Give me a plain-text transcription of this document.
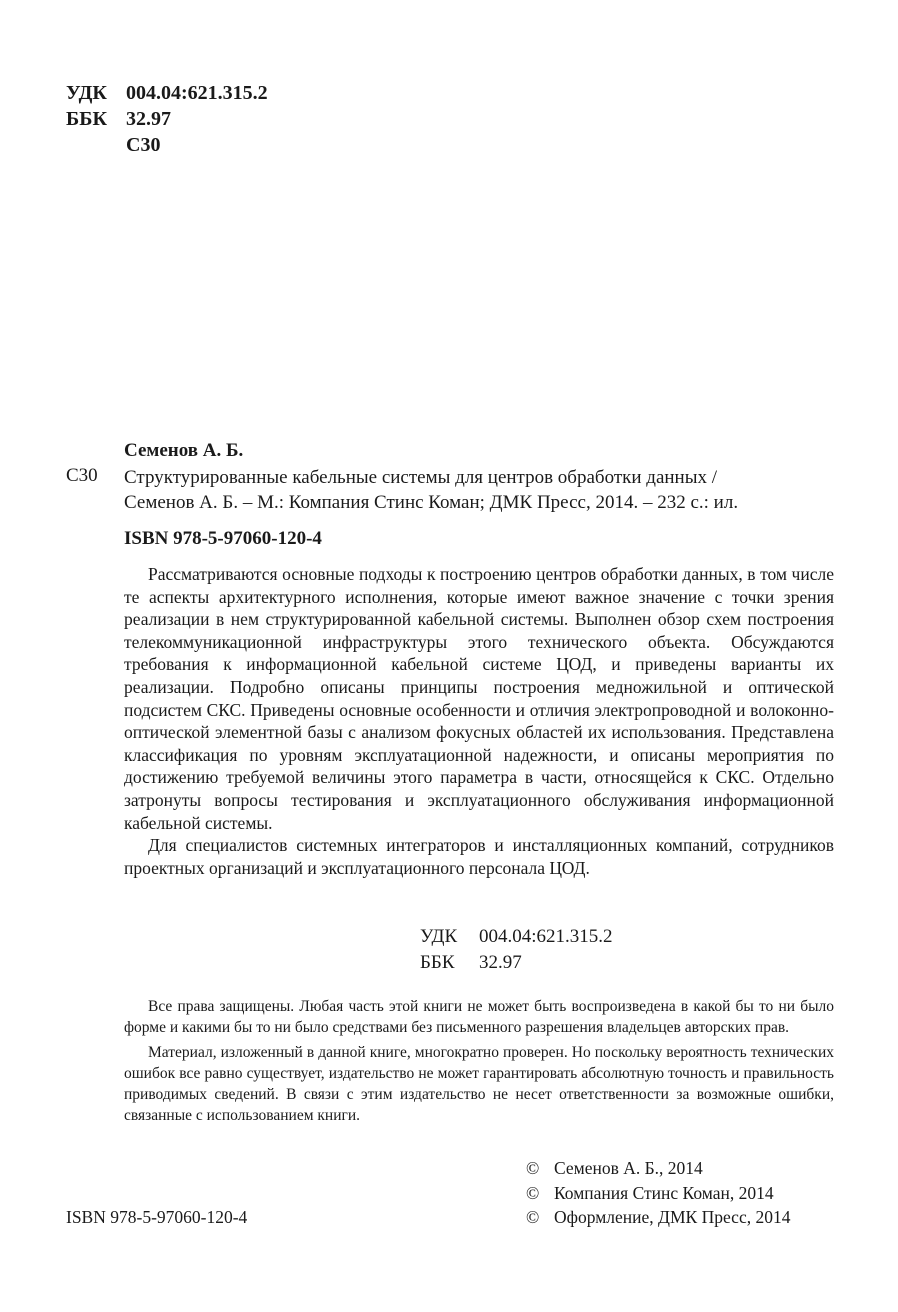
УДК 004.04:621.315.2
ББК 32.97
С30
Семенов А. Б.
С30 Структурированные кабельные системы для центров обработки данных /
Семенов А. Б. – М.: Компания Стинс Коман; ДМК Пресс, 2014. – 232 с.: ил.
ISBN 978-5-97060-120-4

Рассматриваются основные подходы к построению центров обработки данных, в том числе те аспекты архитектурного исполнения, которые имеют важное значение с точки зрения реализации в нем структурированной кабельной системы. Выполнен обзор схем построения телекоммуникационной инфраструктуры этого технического объекта. Обсуждаются требования к информационной кабельной системе ЦОД, и приведены варианты их реализации. Подробно описаны принципы построения медножильной и оптической подсистем СКС. Приведены основные особенности и отличия электропроводной и волоконно-оптической элементной базы с анализом фокусных областей их использования. Представлена классификация по уровням эксплуатационной надежности, и описаны мероприятия по достижению требуемой величины этого параметра в части, относящейся к СКС. Отдельно затронуты вопросы тестирования и эксплуатационного обслуживания информационной кабельной системы.

Для специалистов системных интеграторов и инсталляционных компаний, сотрудников проектных организаций и эксплуатационного персонала ЦОД.

УДК 004.04:621.315.2
ББК 32.97

Все права защищены. Любая часть этой книги не может быть воспроизведена в какой бы то ни было форме и какими бы то ни было средствами без письменного разрешения владельцев авторских прав.

Материал, изложенный в данной книге, многократно проверен. Но поскольку вероятность технических ошибок все равно существует, издательство не может гарантировать абсолютную точность и правильность приводимых сведений. В связи с этим издательство не несет ответственности за возможные ошибки, связанные с использованием книги.

© Семенов А. Б., 2014
© Компания Стинс Коман, 2014
© Оформление, ДМК Пресс, 2014
ISBN 978-5-97060-120-4
